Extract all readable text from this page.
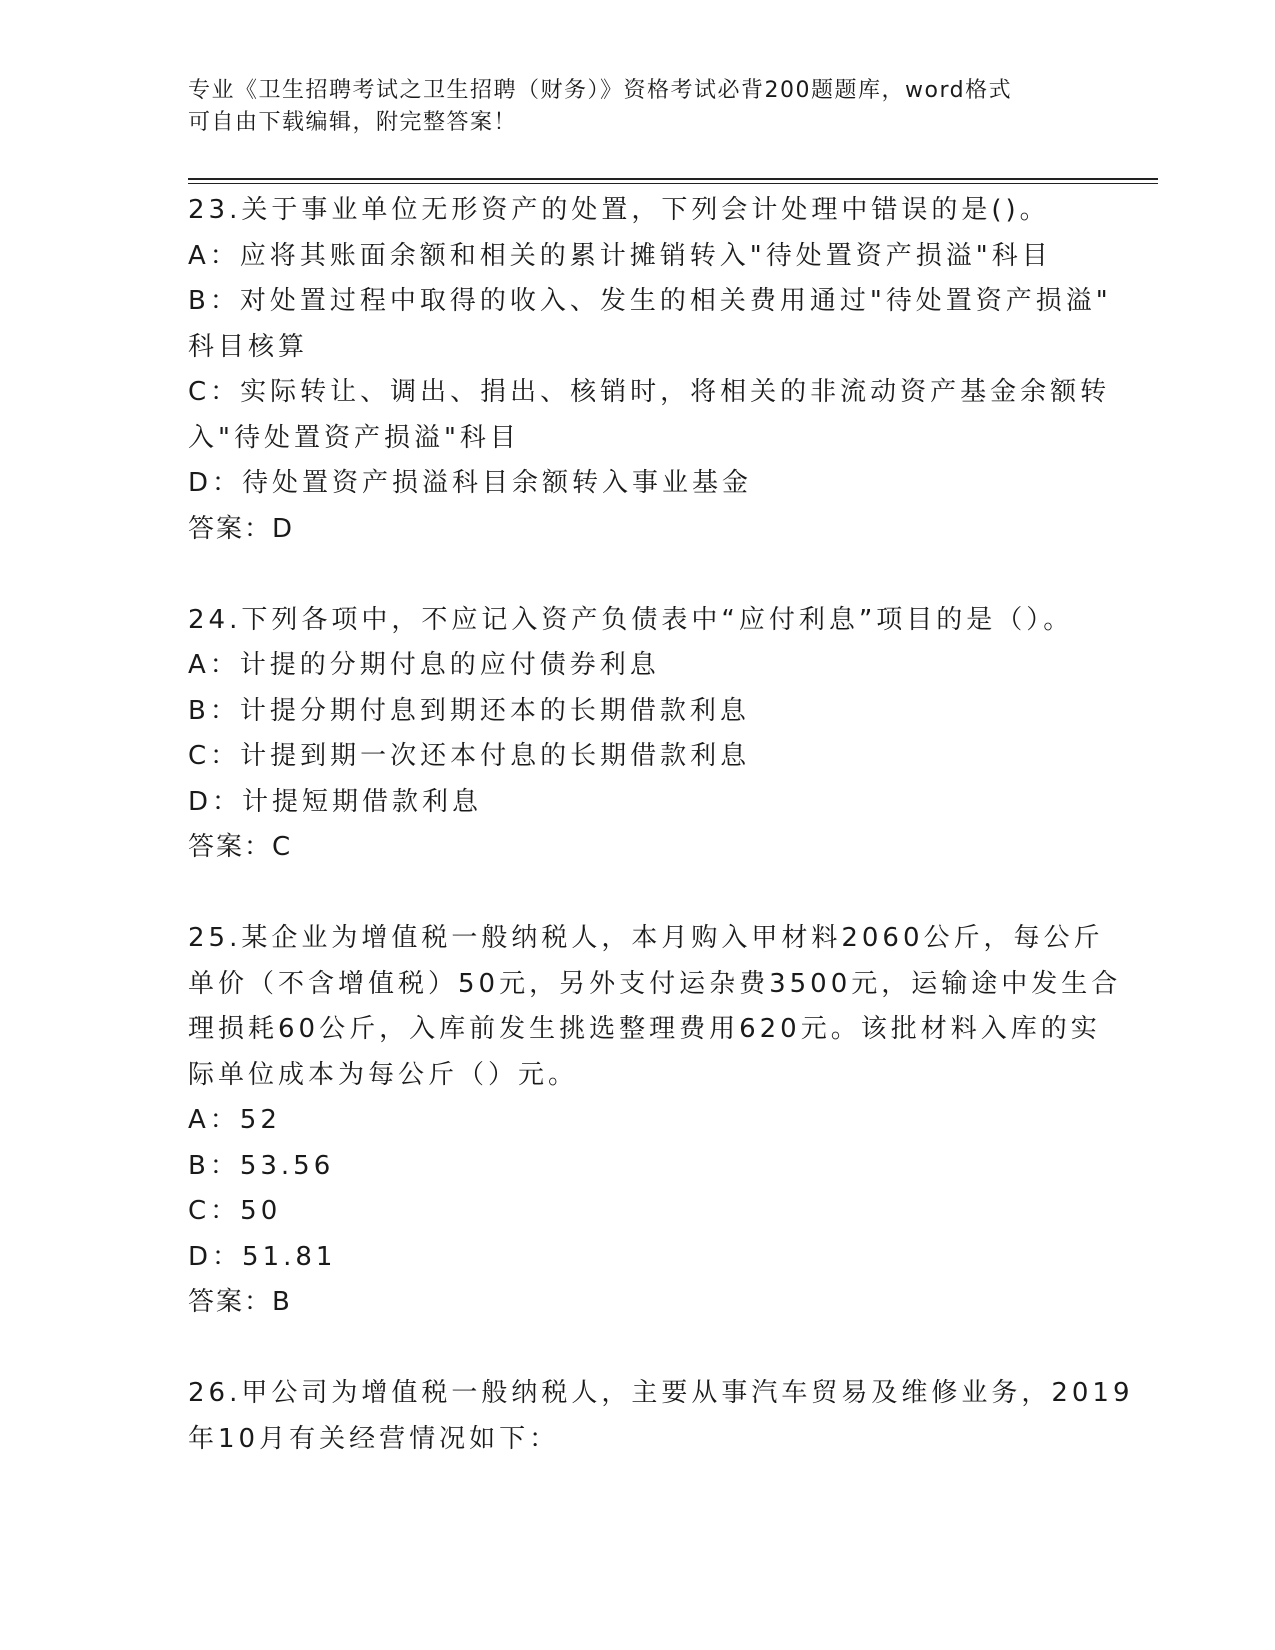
专业《卫生招聘考试之卫生招聘（财务）》资格考试必背200题题库，word格式
可自由下载编辑，附完整答案！
23.关于事业单位无形资产的处置，下列会计处理中错误的是()。
A：应将其账面余额和相关的累计摊销转入"待处置资产损溢"科目
B：对处置过程中取得的收入、发生的相关费用通过"待处置资产损溢"
科目核算
C：实际转让、调出、捐出、核销时，将相关的非流动资产基金余额转
入"待处置资产损溢"科目
D：待处置资产损溢科目余额转入事业基金
答案：D
24.下列各项中，不应记入资产负债表中“应付利息”项目的是（）。
A：计提的分期付息的应付债券利息
B：计提分期付息到期还本的长期借款利息
C：计提到期一次还本付息的长期借款利息
D：计提短期借款利息
答案：C
25.某企业为增值税一般纳税人，本月购入甲材料2060公斤，每公斤
单价（不含增值税）50元，另外支付运杂费3500元，运输途中发生合
理损耗60公斤，入库前发生挑选整理费用620元。该批材料入库的实
际单位成本为每公斤（）元。
A：52
B：53.56
C：50
D：51.81
答案：B
26.甲公司为增值税一般纳税人，主要从事汽车贸易及维修业务，2019
年10月有关经营情况如下：
